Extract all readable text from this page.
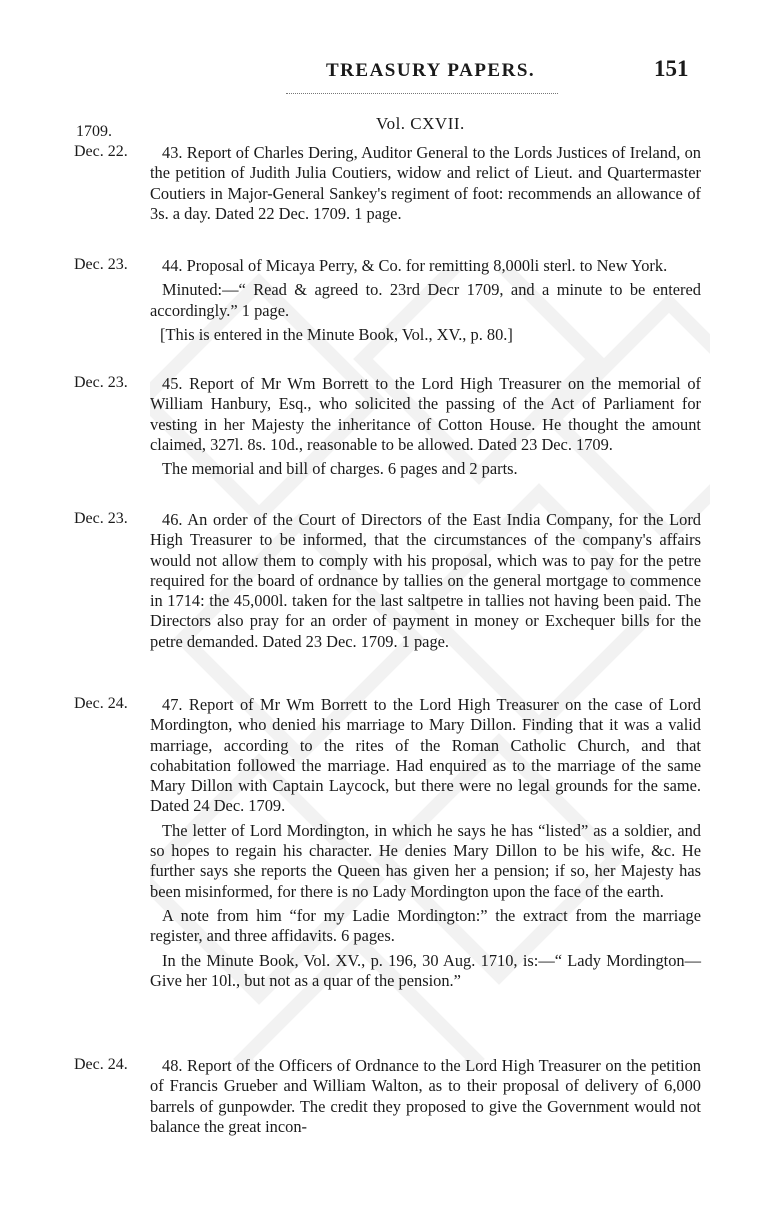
TREASURY PAPERS.	151
Vol. CXVII.
1709.
Dec. 22.	43. Report of Charles Dering, Auditor General to the Lords Justices of Ireland, on the petition of Judith Julia Coutiers, widow and relict of Lieut. and Quartermaster Coutiers in Major-General Sankey's regiment of foot: recommends an allowance of 3s. a day. Dated 22 Dec. 1709. 1 page.

Dec. 23.	44. Proposal of Micaya Perry, & Co. for remitting 8,000li sterl. to New York.

Minuted:—“ Read & agreed to. 23rd Decr 1709, and a minute to be entered accordingly.” 1 page.

[This is entered in the Minute Book, Vol., XV., p. 80.]

Dec. 23.	45. Report of Mr Wm Borrett to the Lord High Treasurer on the memorial of William Hanbury, Esq., who solicited the passing of the Act of Parliament for vesting in her Majesty the inheritance of Cotton House. He thought the amount claimed, 327l. 8s. 10d., reasonable to be allowed. Dated 23 Dec. 1709.

The memorial and bill of charges. 6 pages and 2 parts.

Dec. 23.	46. An order of the Court of Directors of the East India Company, for the Lord High Treasurer to be informed, that the circumstances of the company's affairs would not allow them to comply with his proposal, which was to pay for the petre required for the board of ordnance by tallies on the general mortgage to commence in 1714: the 45,000l. taken for the last saltpetre in tallies not having been paid. The Directors also pray for an order of payment in money or Exchequer bills for the petre demanded. Dated 23 Dec. 1709. 1 page.

Dec. 24.	47. Report of Mr Wm Borrett to the Lord High Treasurer on the case of Lord Mordington, who denied his marriage to Mary Dillon. Finding that it was a valid marriage, according to the rites of the Roman Catholic Church, and that cohabitation followed the marriage. Had enquired as to the marriage of the same Mary Dillon with Captain Laycock, but there were no legal grounds for the same. Dated 24 Dec. 1709.

The letter of Lord Mordington, in which he says he has “listed” as a soldier, and so hopes to regain his character. He denies Mary Dillon to be his wife, &c. He further says she reports the Queen has given her a pension; if so, her Majesty has been misinformed, for there is no Lady Mordington upon the face of the earth.

A note from him “for my Ladie Mordington:” the extract from the marriage register, and three affidavits. 6 pages.

In the Minute Book, Vol. XV., p. 196, 30 Aug. 1710, is:—“ Lady Mordington—Give her 10l., but not as a quar of the pension.”

Dec. 24.	48. Report of the Officers of Ordnance to the Lord High Treasurer on the petition of Francis Grueber and William Walton, as to their proposal of delivery of 6,000 barrels of gunpowder. The credit they proposed to give the Government would not balance the great incon-
